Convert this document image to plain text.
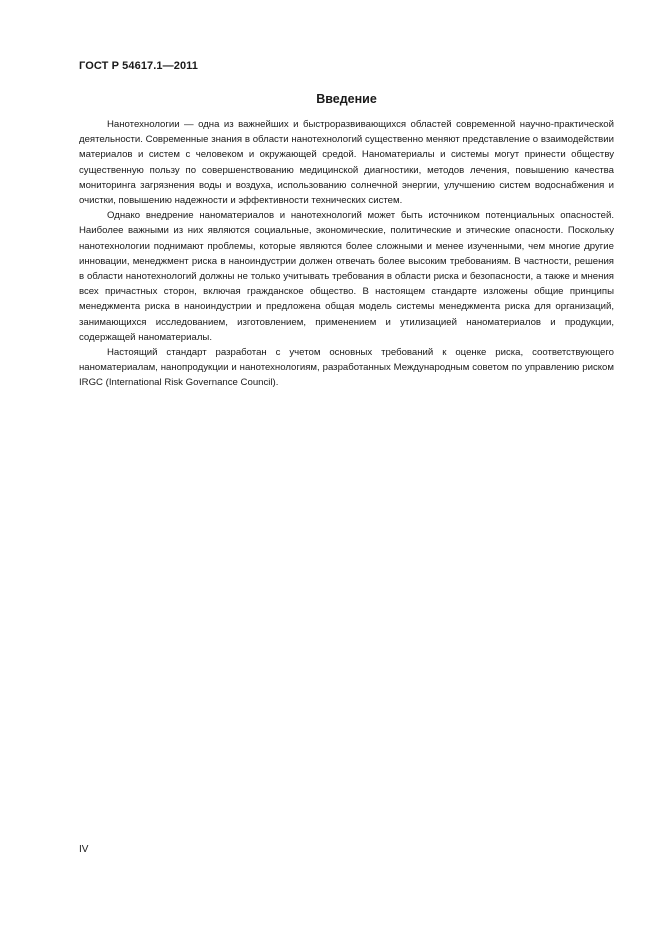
ГОСТ Р 54617.1—2011
Введение

Нанотехнологии — одна из важнейших и быстроразвивающихся областей современной научно-практической деятельности. Современные знания в области нанотехнологий существенно меняют представление о взаимодействии материалов и систем с человеком и окружающей средой. Наноматериалы и системы могут принести обществу существенную пользу по совершенствованию медицинской диагностики, методов лечения, повышению качества мониторинга загрязнения воды и воздуха, использованию солнечной энергии, улучшению систем водоснабжения и очистки, повышению надежности и эффективности технических систем.

Однако внедрение наноматериалов и нанотехнологий может быть источником потенциальных опасностей. Наиболее важными из них являются социальные, экономические, политические и этические опасности. Поскольку нанотехнологии поднимают проблемы, которые являются более сложными и менее изученными, чем многие другие инновации, менеджмент риска в наноиндустрии должен отвечать более высоким требованиям. В частности, решения в области нанотехнологий должны не только учитывать требования в области риска и безопасности, а также и мнения всех причастных сторон, включая гражданское общество. В настоящем стандарте изложены общие принципы менеджмента риска в наноиндустрии и предложена общая модель системы менеджмента риска для организаций, занимающихся исследованием, изготовлением, применением и утилизацией наноматериалов и продукции, содержащей наноматериалы.

Настоящий стандарт разработан с учетом основных требований к оценке риска, соответствующего наноматериалам, нанопродукции и нанотехнологиям, разработанных Международным советом по управлению риском IRGC (International Risk Governance Council).

IV
